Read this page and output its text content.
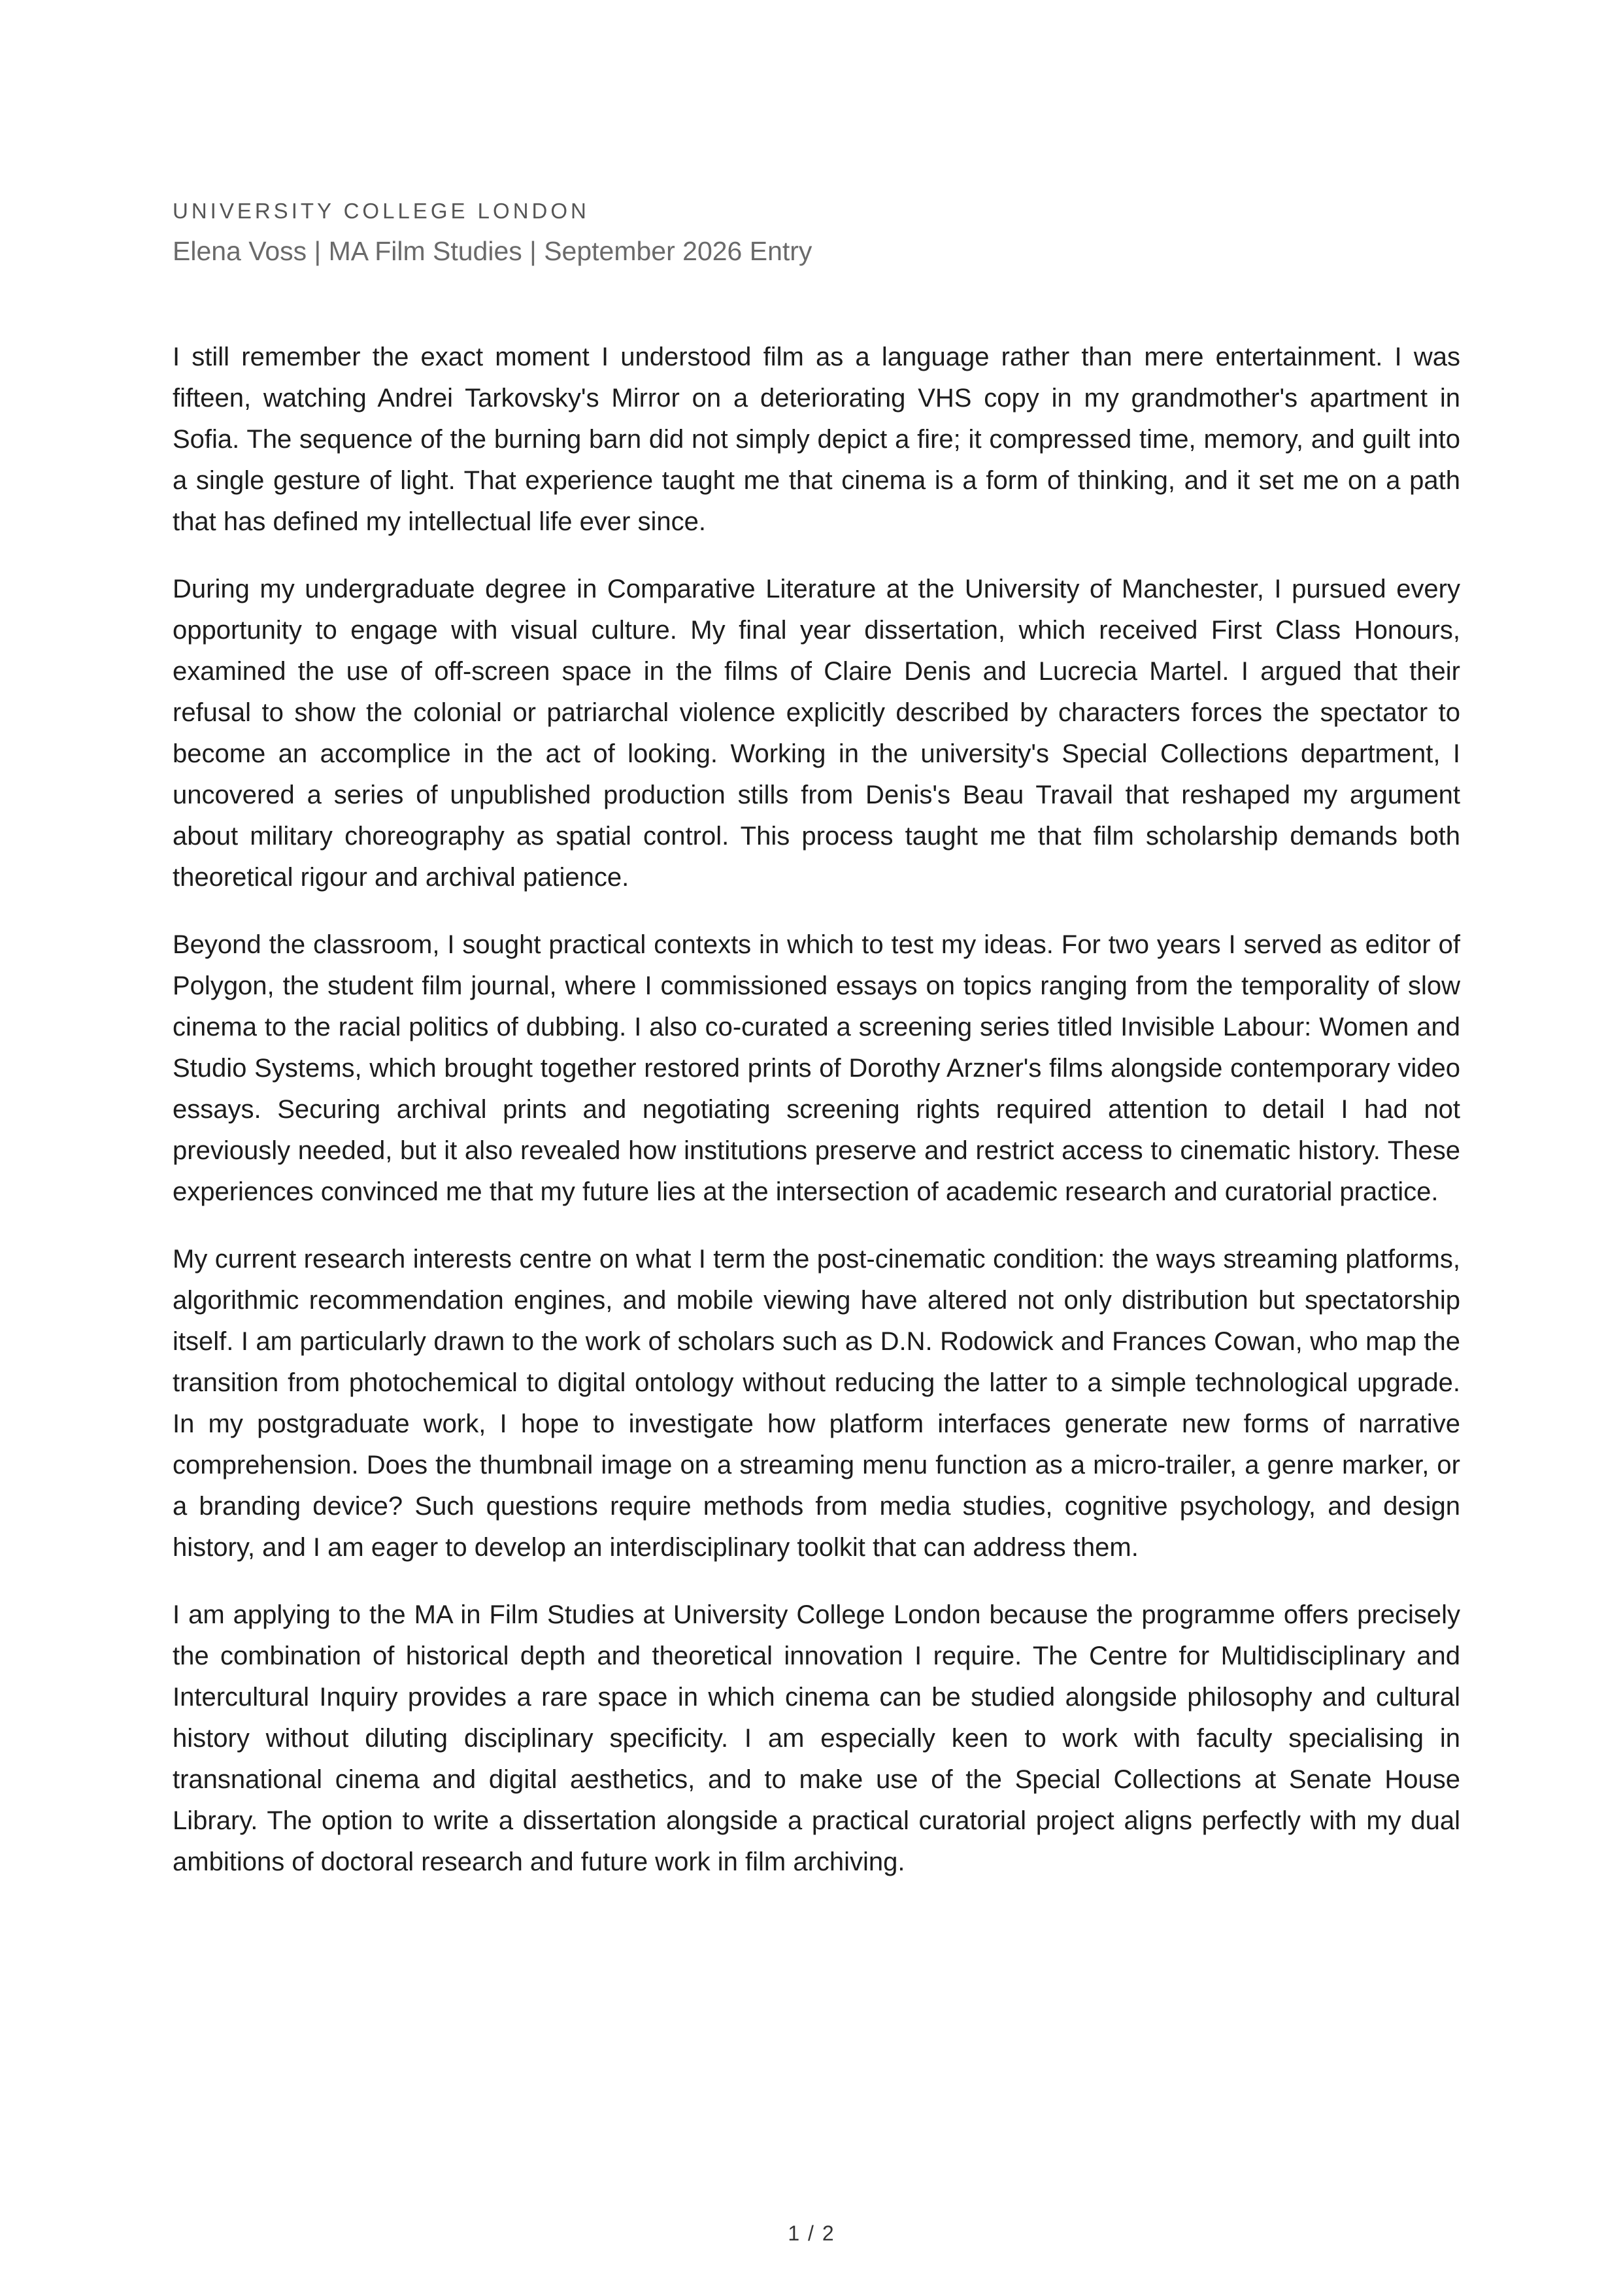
UNIVERSITY COLLEGE LONDON

Elena Voss | MA Film Studies | September 2026 Entry

I still remember the exact moment I understood film as a language rather than mere entertainment. I was fifteen, watching Andrei Tarkovsky's Mirror on a deteriorating VHS copy in my grandmother's apartment in Sofia. The sequence of the burning barn did not simply depict a fire; it compressed time, memory, and guilt into a single gesture of light. That experience taught me that cinema is a form of thinking, and it set me on a path that has defined my intellectual life ever since.

During my undergraduate degree in Comparative Literature at the University of Manchester, I pursued every opportunity to engage with visual culture. My final year dissertation, which received First Class Honours, examined the use of off-screen space in the films of Claire Denis and Lucrecia Martel. I argued that their refusal to show the colonial or patriarchal violence explicitly described by characters forces the spectator to become an accomplice in the act of looking. Working in the university's Special Collections department, I uncovered a series of unpublished production stills from Denis's Beau Travail that reshaped my argument about military choreography as spatial control. This process taught me that film scholarship demands both theoretical rigour and archival patience.

Beyond the classroom, I sought practical contexts in which to test my ideas. For two years I served as editor of Polygon, the student film journal, where I commissioned essays on topics ranging from the temporality of slow cinema to the racial politics of dubbing. I also co-curated a screening series titled Invisible Labour: Women and Studio Systems, which brought together restored prints of Dorothy Arzner's films alongside contemporary video essays. Securing archival prints and negotiating screening rights required attention to detail I had not previously needed, but it also revealed how institutions preserve and restrict access to cinematic history. These experiences convinced me that my future lies at the intersection of academic research and curatorial practice.

My current research interests centre on what I term the post-cinematic condition: the ways streaming platforms, algorithmic recommendation engines, and mobile viewing have altered not only distribution but spectatorship itself. I am particularly drawn to the work of scholars such as D.N. Rodowick and Frances Cowan, who map the transition from photochemical to digital ontology without reducing the latter to a simple technological upgrade. In my postgraduate work, I hope to investigate how platform interfaces generate new forms of narrative comprehension. Does the thumbnail image on a streaming menu function as a micro-trailer, a genre marker, or a branding device? Such questions require methods from media studies, cognitive psychology, and design history, and I am eager to develop an interdisciplinary toolkit that can address them.

I am applying to the MA in Film Studies at University College London because the programme offers precisely the combination of historical depth and theoretical innovation I require. The Centre for Multidisciplinary and Intercultural Inquiry provides a rare space in which cinema can be studied alongside philosophy and cultural history without diluting disciplinary specificity. I am especially keen to work with faculty specialising in transnational cinema and digital aesthetics, and to make use of the Special Collections at Senate House Library. The option to write a dissertation alongside a practical curatorial project aligns perfectly with my dual ambitions of doctoral research and future work in film archiving.

1 / 2
